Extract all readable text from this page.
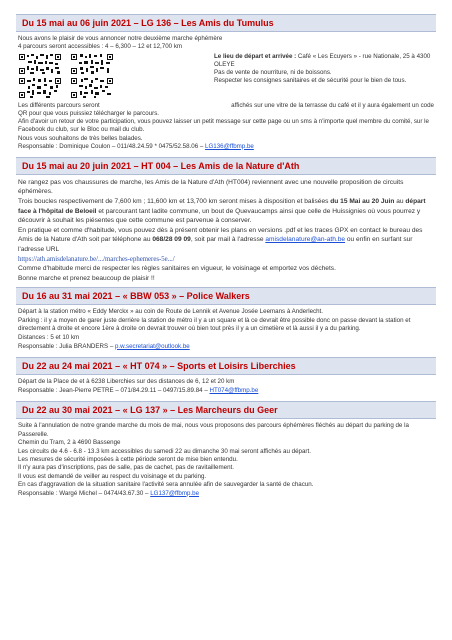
Du 15 mai au 06 juin 2021 – LG 136 – Les Amis du Tumulus

Nous avons le plaisir de vous annoncer notre deuxième marche éphémère

4 parcours seront accessibles : 4 – 6,300 – 12 et 12,700 km

Le lieu de départ et arrivée : Café « Les Ecuyers » - rue Nationale, 25 à 4300 OLEYE

Pas de vente de nourriture, ni de boissons.

Respecter les consignes sanitaires et de sécurité pour le bien de tous.

Les différents parcours seront	affichés sur une vitre de la terrasse du café et il y aura également un code

QR pour que vous puissiez télécharger le parcours.

Afin d'avoir un retour de votre participation, vous pouvez laisser un petit message sur cette page ou un sms à n'importe quel membre du comité, sur le Facebook du club, sur le Bloc ou mail du club.

Nous vous souhaitons de très belles balades.

Responsable : Dominique Coulon – 011/48.24.59 * 0475/52.58.06 – LG136@ffbmp.be

Du 15 mai au 20 juin 2021 – HT 004 – Les Amis de la Nature d'Ath

Ne rangez pas vos chaussures de marche, les Amis de la Nature d'Ath (HT004) reviennent avec une nouvelle proposition de circuits éphémères.

Trois boucles respectivement de 7,600 km ; 11,600 km et 13,700 km seront mises à disposition et balisées du 15 Mai au 20 Juin au départ face à l'hôpital de Beloeil et parcourant tant ladite commune, un bout de Quevaucamps ainsi que celle de Huissignies où vous pourrez y découvrir à souhait les piésentes que cette commune est parvenue à conserver.

En pratique et comme d'habitude, vous pouvez dès à présent obtenir les plans en versions .pdf et les traces GPX en contact le bureau des Amis de la Nature d'Ath soit par téléphone au 068/28 09 09, soit par mail à l'adresse amisdelanature@an-ath.be ou enfin en surfant sur l'adresse URL

https://ath.amisdelanature.be/.../marches-ephemeres-5e.../

Comme d'habitude merci de respecter les règles sanitaires en vigueur, le voisinage et emportez vos déchets.

Bonne marche et prenez beaucoup de plaisir !!

Du 16 au 31 mai 2021 – « BBW 053 » – Police Walkers

Départ à la station métro « Eddy Merckx » au coin de Route de Lennik et Avenue Josée Leemans à Anderlecht.

Parking : il y a moyen de garer juste derrière la station de métro il y a un square et là ce devrait être possible donc on passe devant la station et directement à droite et encore 1ère à droite on devrait trouver où bien tout près il y a un cimetière et là aussi il y a du parking.

Distances : 5 et 10 km

Responsable : Julia BRANDERS – p.w.secretariat@outlook.be

Du 22 au 24 mai 2021 – « HT 074 » – Sports et Loisirs Liberchies

Départ de la Place de et à 6238 Liberchies sur des distances de 6, 12 et 20 km

Responsable : Jean-Pierre PETRE – 071/84.29.11 – 0497/15.89.84 – HT074@ffbmp.be

Du 22 au 30 mai 2021 – « LG 137 » – Les Marcheurs du Geer

Suite à l'annulation de notre grande marche du mois de mai, nous vous proposons des parcours éphémères fléchés au départ du parking de la Passerelle.

Chemin du Tram, 2 à 4690 Bassenge

Les circuits de 4.6 - 6.8 - 13.3 km accessibles du samedi 22 au dimanche 30 mai seront affichés au départ.

Les mesures de sécurité imposées à cette période seront de mise bien entendu.

Il n'y aura pas d'inscriptions, pas de salle, pas de cachet, pas de ravitaillement.

Il vous est demandé de veiller au respect du voisinage et du parking.

En cas d'aggravation de la situation sanitaire l'activité sera annulée afin de sauvegarder la santé de chacun.

Responsable : Wargé Michel – 0474/43.67.30 – LG137@ffbmp.be
